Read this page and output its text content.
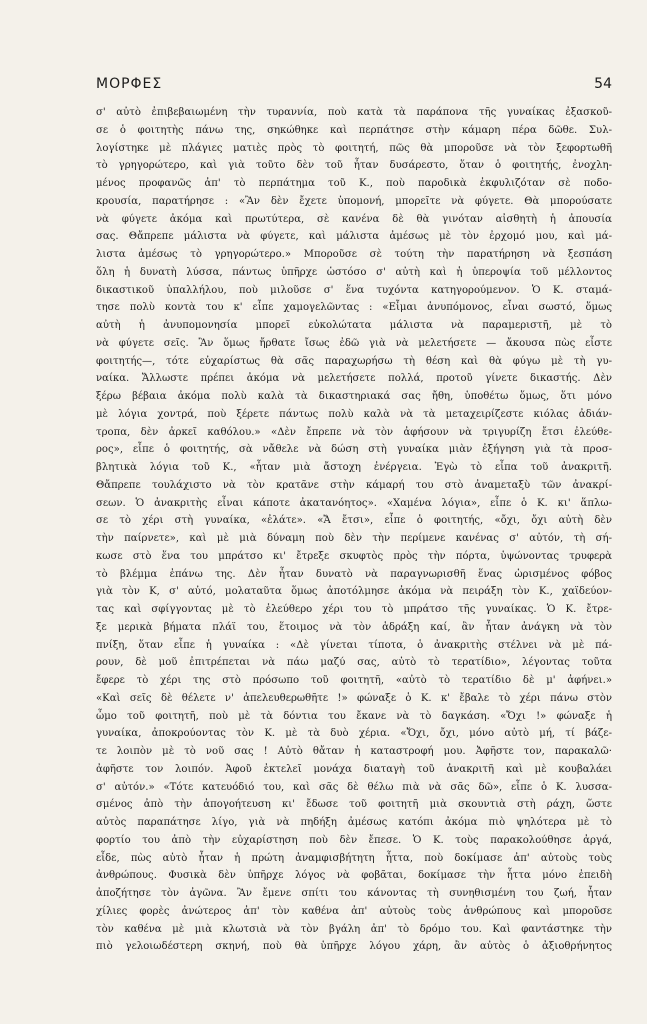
ΜΟΡΦΕΣ	54
σ' αὐτὸ ἐπιβεβαιωμένη τὴν τυραννία, ποὺ κατὰ τὰ παράπονα τῆς γυναίκας ἐξασκοῦ-
σε ὁ φοιτητὴς πάνω της, σηκώθηκε καὶ περπάτησε στὴν κάμαρη πέρα δῶθε. Συλ-
λογίστηκε μὲ πλάγιες ματιὲς πρὸς τὸ φοιτητή, πῶς θὰ μποροῦσε νὰ τὸν ξεφορτωθῆ
τὸ γρηγορώτερο, καὶ γιὰ τοῦτο δὲν τοῦ ἦταν δυσάρεστο, ὅταν ὁ φοιτητής, ἐνοχλη-
μένος προφανῶς ἀπ' τὸ περπάτημα τοῦ Κ., ποὺ παροδικὰ ἐκφυλιζόταν σὲ ποδο-
κρουσία, παρατήρησε : «Ἂν δὲν ἔχετε ὑπομονή, μπορεῖτε νὰ φύγετε. Θὰ μπορούσατε
νὰ φύγετε ἀκόμα καὶ πρωτύτερα, σὲ κανένα δὲ θὰ γινόταν αἰσθητὴ ἡ ἀπουσία
σας. Θἄπρεπε μάλιστα νὰ φύγετε, καὶ μάλιστα ἀμέσως μὲ τὸν ἐρχομό μου, καὶ μά-
λιστα ἀμέσως τὸ γρηγορώτερο.» Μποροῦσε σὲ τούτη τὴν παρατήρηση νὰ ξεσπάση
ὅλη ἡ δυνατὴ λύσσα, πάντως ὑπῆρχε ὡστόσο σ' αὐτὴ καὶ ἡ ὑπεροψία τοῦ μέλλοντος
δικαστικοῦ ὑπαλλήλου, ποὺ μιλοῦσε σ' ἕνα τυχόντα κατηγορούμενον. Ὁ Κ. σταμά-
τησε πολὺ κοντὰ του κ' εἶπε χαμογελῶντας : «Εἶμαι ἀνυπόμονος, εἶναι σωστό, ὅμως
αὐτὴ ἡ ἀνυπομονησία μπορεῖ εὐκολώτατα μάλιστα νὰ παραμεριστῆ, μὲ τὸ
νὰ φύγετε σεῖς. Ἂν ὅμως ἤρθατε ἴσως ἐδῶ γιὰ νὰ μελετήσετε — ἄκουσα πὼς εἶστε
φοιτητής—, τότε εὐχαρίστως θὰ σᾶς παραχωρήσω τὴ θέση καὶ θὰ φύγω μὲ τὴ γυ-
ναίκα. Ἄλλωστε πρέπει ἀκόμα νὰ μελετήσετε πολλά, προτοῦ γίνετε δικαστής. Δὲν
ξέρω βέβαια ἀκόμα πολὺ καλὰ τὰ δικαστηριακά σας ἤθη, ὑποθέτω ὅμως, ὅτι μόνο
μὲ λόγια χοντρά, ποὺ ξέρετε πάντως πολὺ καλὰ νὰ τὰ μεταχειρίζεστε κιόλας ἀδιάν-
τροπα, δὲν ἀρκεῖ καθόλου.» «Δὲν ἔπρεπε νὰ τὸν ἀφήσουν νὰ τριγυρίζη ἔτσι ἐλεύθε-
ρος», εἶπε ὁ φοιτητής, σὰ νἄθελε νὰ δώση στὴ γυναίκα μιὰν ἐξήγηση γιὰ τὰ προσ-
βλητικὰ λόγια τοῦ Κ., «ἦταν μιὰ ἄστοχη ἐνέργεια. Ἐγὼ τὸ εἶπα τοῦ ἀνακριτῆ.
Θἄπρεπε τουλάχιστο νὰ τὸν κρατᾶνε στὴν κάμαρή του στὸ ἀναμεταξὺ τῶν ἀνακρί-
σεων. Ὁ ἀνακριτὴς εἶναι κάποτε ἀκατανόητος». «Χαμένα λόγια», εἶπε ὁ Κ. κι' ἅπλω-
σε τὸ χέρι στὴ γυναίκα, «ἐλάτε». «Ἄ ἔτσι», εἶπε ὁ φοιτητής, «ὄχι, ὄχι αὐτὴ δὲν
τὴν παίρνετε», καὶ μὲ μιὰ δύναμη ποὺ δὲν τὴν περίμενε κανένας σ' αὐτόν, τὴ σή-
κωσε στὸ ἕνα του μπράτσο κι' ἔτρεξε σκυφτὸς πρὸς τὴν πόρτα, ὑψώνοντας τρυφερὰ
τὸ βλέμμα ἐπάνω της. Δὲν ἦταν δυνατὸ νὰ παραγνωρισθῆ ἕνας ὡρισμένος φόβος
γιὰ τὸν Κ, σ' αὐτό, μολαταῦτα ὅμως ἀποτόλμησε ἀκόμα νὰ πειράξη τὸν Κ., χαϊδεύον-
τας καὶ σφίγγοντας μὲ τὸ ἐλεύθερο χέρι του τὸ μπράτσο τῆς γυναίκας. Ὁ Κ. ἔτρε-
ξε μερικὰ βήματα πλάϊ του, ἕτοιμος νὰ τὸν ἁδράξη καί, ἂν ἦταν ἀνάγκη νὰ τὸν
πνίξη, ὅταν εἶπε ἡ γυναίκα : «Δὲ γίνεται τίποτα, ὁ ἀνακριτὴς στέλνει νὰ μὲ πά-
ρουν, δὲ μοῦ ἐπιτρέπεται νὰ πάω μαζύ σας, αὐτὸ τὸ τερατίδιο», λέγοντας τοῦτα
ἔφερε τὸ χέρι της στὸ πρόσωπο τοῦ φοιτητῆ, «αὐτὸ τὸ τερατίδιο δὲ μ' ἀφήνει.»
«Καὶ σεῖς δὲ θέλετε ν' ἀπελευθερωθῆτε !» φώναξε ὁ Κ. κ' ἔβαλε τὸ χέρι πάνω στὸν
ὦμο τοῦ φοιτητῆ, ποὺ μὲ τὰ δόντια του ἔκανε νὰ τὸ δαγκάση. «Ὄχι !» φώναξε ἡ
γυναίκα, ἀποκρούοντας τὸν Κ. μὲ τὰ δυὸ χέρια. «Ὄχι, ὄχι, μόνο αὐτὸ μή, τί βάζε-
τε λοιπὸν μὲ τὸ νοῦ σας ! Αὐτὸ θἄταν ἡ καταστροφή μου. Ἀφῆστε τον, παρακαλῶ·
ἀφῆστε τον λοιπόν. Ἀφοῦ ἐκτελεῖ μονάχα διαταγὴ τοῦ ἀνακριτῆ καὶ μὲ κουβαλάει
σ' αὐτόν.» «Τότε κατευόδιό του, καὶ σᾶς δὲ θέλω πιὰ νὰ σᾶς δῶ», εἶπε ὁ Κ. λυσσα-
σμένος ἀπὸ τὴν ἀπογοήτευση κι' ἔδωσε τοῦ φοιτητῆ μιὰ σκουντιὰ στὴ ράχη, ὥστε
αὐτὸς παραπάτησε λίγο, γιὰ νὰ πηδήξη ἀμέσως κατόπι ἀκόμα πιὸ ψηλότερα μὲ τὸ
φορτίο του ἀπὸ τὴν εὐχαρίστηση ποὺ δὲν ἔπεσε. Ὁ Κ. τοὺς παρακολούθησε ἀργά,
εἶδε, πὼς αὐτὸ ἦταν ἡ πρώτη ἀναμφισβήτητη ἧττα, ποὺ δοκίμασε ἀπ' αὐτοὺς τοὺς
ἀνθρώπους. Φυσικὰ δὲν ὑπῆρχε λόγος νὰ φοβᾶται, δοκίμασε τὴν ἧττα μόνο ἐπειδὴ
ἀποζήτησε τὸν ἀγῶνα. Ἂν ἔμενε σπίτι του κάνοντας τὴ συνηθισμένη του ζωή, ἦταν
χίλιες φορὲς ἀνώτερος ἀπ' τὸν καθένα ἀπ' αὐτοὺς τοὺς ἀνθρώπους καὶ μποροῦσε
τὸν καθένα μὲ μιὰ κλωτσιὰ νὰ τὸν βγάλη ἀπ' τὸ δρόμο του. Καὶ φαντάστηκε τὴν
πιὸ γελοιωδέστερη σκηνή, ποὺ θὰ ὑπῆρχε λόγου χάρη, ἂν αὐτὸς ὁ ἀξιοθρήνητος
